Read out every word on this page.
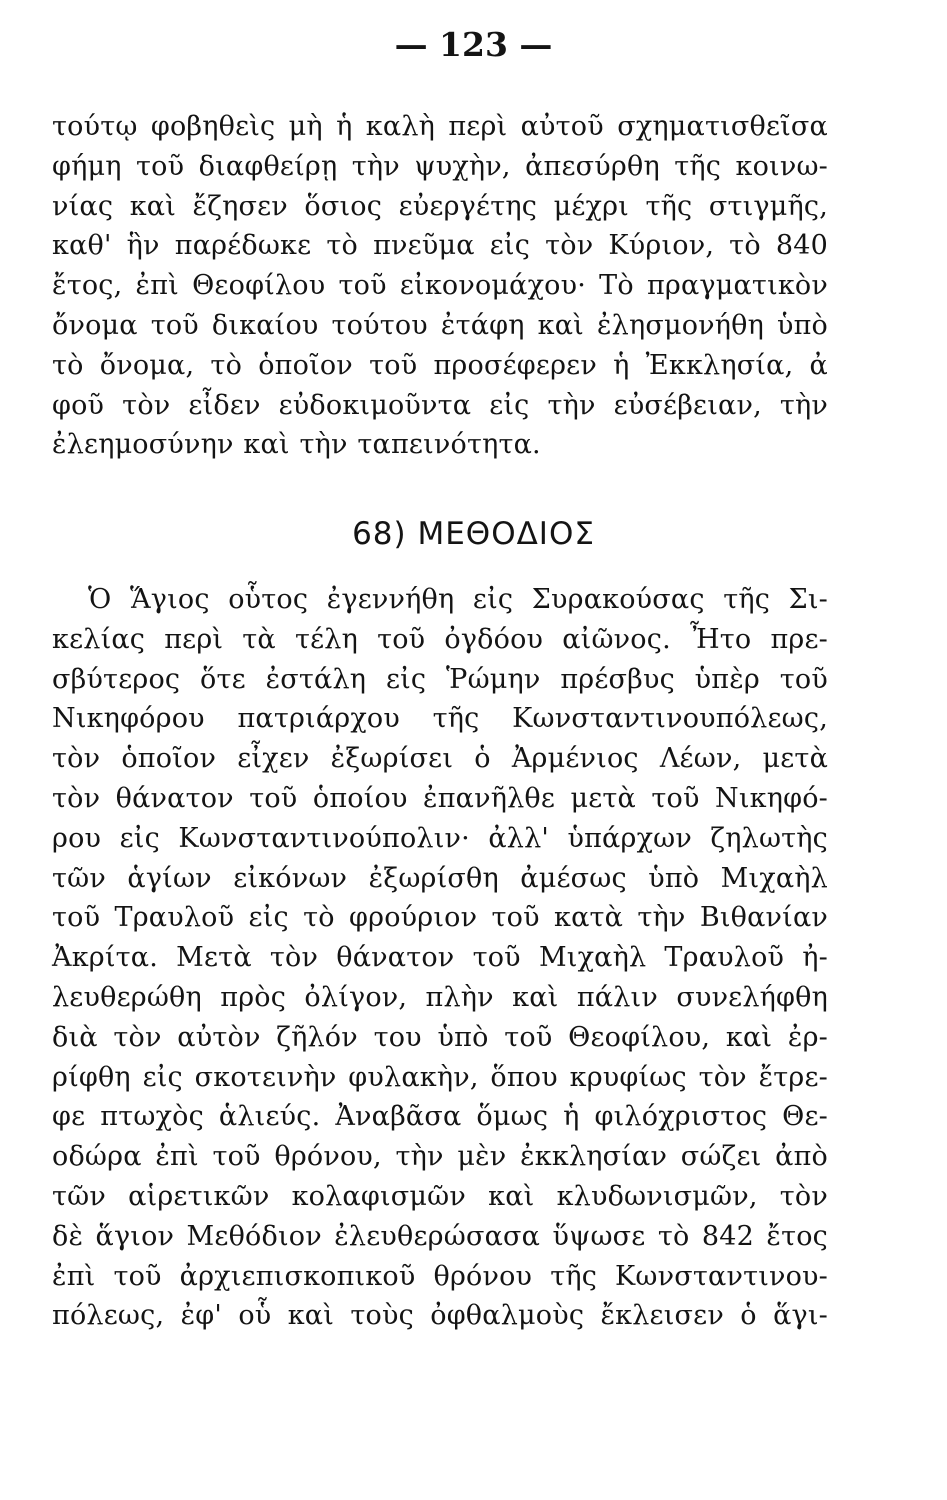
— 123 —
τούτῳ φοβηθεὶς μὴ ἡ καλὴ περὶ αὐτοῦ σχηματισθεῖσα
φήμη τοῦ διαφθείρῃ τὴν ψυχὴν, ἀπεσύρθη τῆς κοινω-
νίας καὶ ἔζησεν ὅσιος εὐεργέτης μέχρι τῆς στιγμῆς,
καθ' ἣν παρέδωκε τὸ πνεῦμα εἰς τὸν Κύριον, τὸ 840
ἔτος, ἐπὶ Θεοφίλου τοῦ εἰκονομάχου· Τὸ πραγματικὸν
ὄνομα τοῦ δικαίου τούτου ἐτάφη καὶ ἐλησμονήθη ὑπὸ
τὸ ὄνομα, τὸ ὁποῖον τοῦ προσέφερεν ἡ Ἐκκλησία, ἀ
φοῦ τὸν εἶδεν εὐδοκιμοῦντα εἰς τὴν εὐσέβειαν, τὴν
ἐλεημοσύνην καὶ τὴν ταπεινότητα.
68) ΜΕΘΟΔΙΟΣ
Ὁ Ἅγιος οὗτος ἐγεννήθη εἰς Συρακούσας τῆς Σι-
κελίας περὶ τὰ τέλη τοῦ ὀγδόου αἰῶνος. Ἦτο πρε-
σβύτερος ὅτε ἐστάλη εἰς Ῥώμην πρέσβυς ὑπὲρ τοῦ
Νικηφόρου πατριάρχου τῆς Κωνσταντινουπόλεως,
τὸν ὁποῖον εἶχεν ἐξωρίσει ὁ Ἀρμένιος Λέων, μετὰ
τὸν θάνατον τοῦ ὁποίου ἐπανῆλθε μετὰ τοῦ Νικηφό-
ρου εἰς Κωνσταντινούπολιν· ἀλλ' ὑπάρχων ζηλωτὴς
τῶν ἁγίων εἰκόνων ἐξωρίσθη ἀμέσως ὑπὸ Μιχαὴλ
τοῦ Τραυλοῦ εἰς τὸ φρούριον τοῦ κατὰ τὴν Βιθανίαν
Ἀκρίτα. Μετὰ τὸν θάνατον τοῦ Μιχαὴλ Τραυλοῦ ἠ-
λευθερώθη πρὸς ὀλίγον, πλὴν καὶ πάλιν συνελήφθη
διὰ τὸν αὐτὸν ζῆλόν του ὑπὸ τοῦ Θεοφίλου, καὶ ἐρ-
ρίφθη εἰς σκοτεινὴν φυλακὴν, ὅπου κρυφίως τὸν ἔτρε-
φε πτωχὸς ἁλιεύς. Ἀναβᾶσα ὅμως ἡ φιλόχριστος Θε-
οδώρα ἐπὶ τοῦ θρόνου, τὴν μὲν ἐκκλησίαν σώζει ἀπὸ
τῶν αἱρετικῶν κολαφισμῶν καὶ κλυδωνισμῶν, τὸν
δὲ ἅγιον Μεθόδιον ἐλευθερώσασα ὕψωσε τὸ 842 ἔτος
ἐπὶ τοῦ ἀρχιεπισκοπικοῦ θρόνου τῆς Κωνσταντινου-
πόλεως, ἐφ' οὗ καὶ τοὺς ὀφθαλμοὺς ἔκλεισεν ὁ ἅγι-
